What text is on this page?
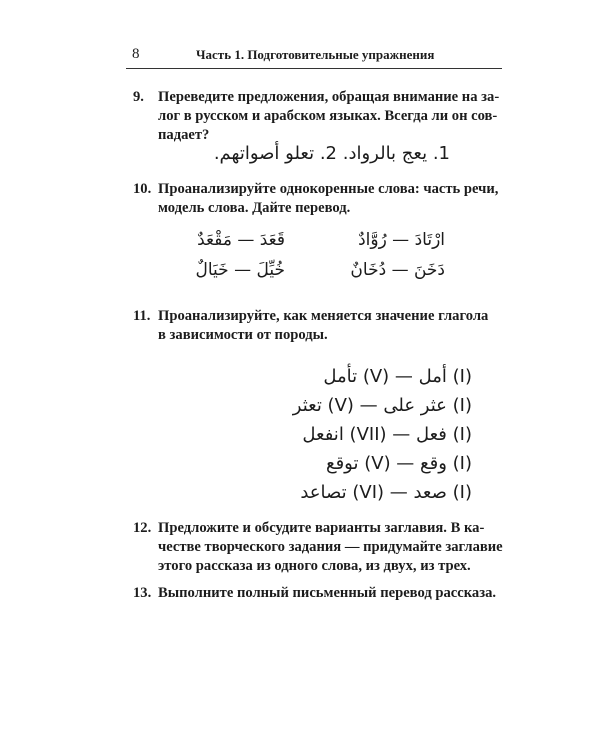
8	Часть 1. Подготовительные упражнения
9. Переведите предложения, обращая внимание на за-
лог в русском и арабском языках. Всегда ли он сов-
падает?
1. يعج بالرواد. 2. تعلو أصواتهم.
10. Проанализируйте однокоренные слова: часть речи,
модель слова. Дайте перевод.
قَعَدَ — مَقْعَدٌ	ارْتَادَ — رُوَّادٌ
خُيِّلَ — خَيَالٌ	دَخَنَ — دُخَانٌ
11. Проанализируйте, как меняется значение глагола
в зависимости от породы.
(I) أمل — (V) تأمل
(I) عثر على — (V) تعثر
(I) فعل — (VII) انفعل
(I) وقع — (V) توقع
(I) صعد — (VI) تصاعد
12. Предложите и обсудите варианты заглавия. В ка-
честве творческого задания — придумайте заглавие
этого рассказа из одного слова, из двух, из трех.
13. Выполните полный письменный перевод рассказа.
